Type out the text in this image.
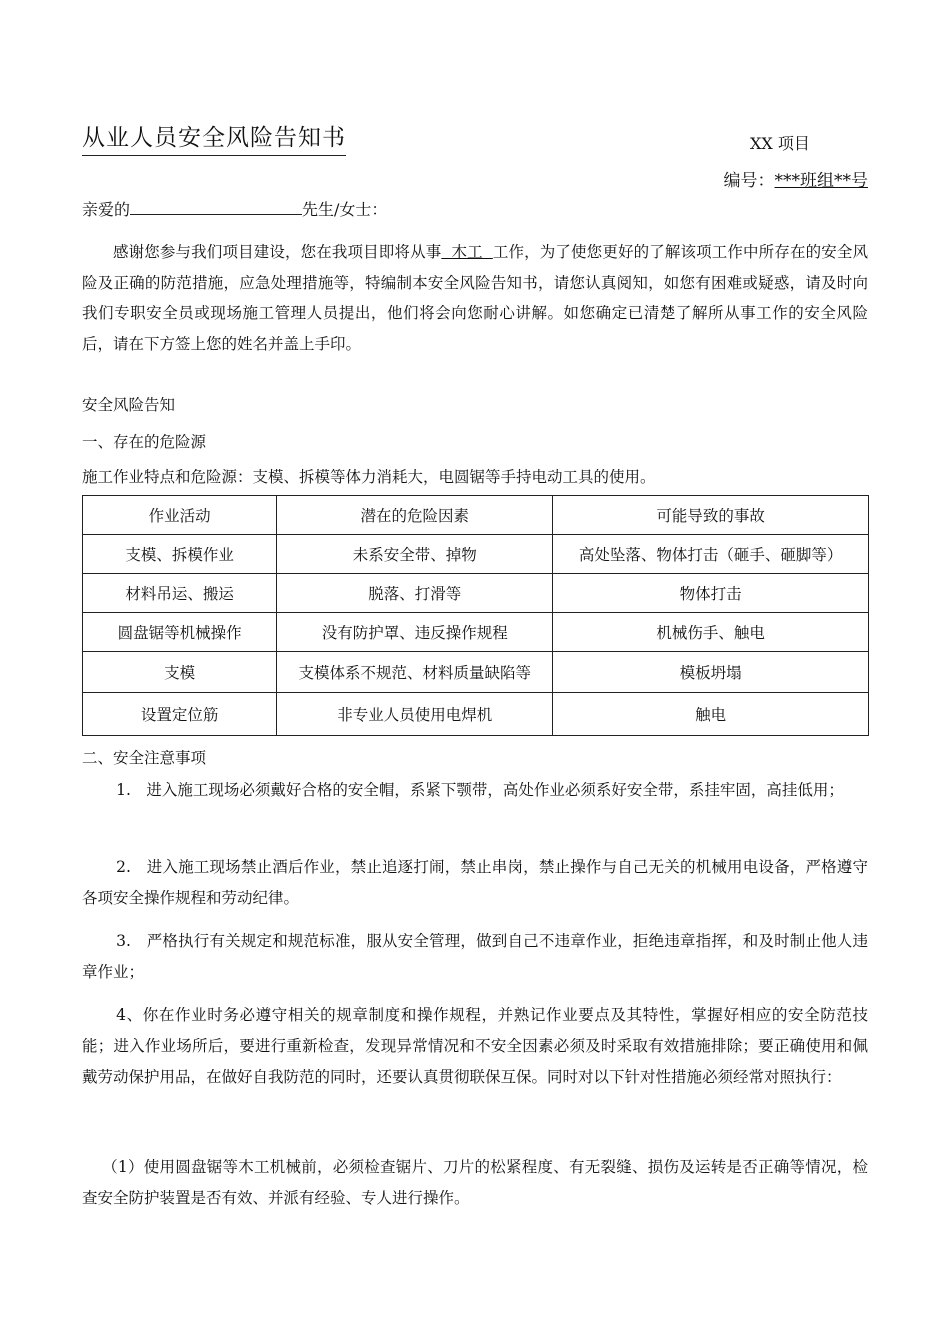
从业人员安全风险告知书	XX 项目
编号：***班组**号
亲爱的	先生/女士：
感谢您参与我们项目建设，您在我项目即将从事  木工  工作，为了使您更好的了解该项工作中所存在的安全风险及正确的防范措施，应急处理措施等，特编制本安全风险告知书，请您认真阅知，如您有困难或疑惑，请及时向我们专职安全员或现场施工管理人员提出，他们将会向您耐心讲解。如您确定已清楚了解所从事工作的安全风险后，请在下方签上您的姓名并盖上手印。
安全风险告知
一、存在的危险源
施工作业特点和危险源：支模、拆模等体力消耗大，电圆锯等手持电动工具的使用。
作业活动	潜在的危险因素	可能导致的事故
支模、拆模作业	未系安全带、掉物	高处坠落、物体打击（砸手、砸脚等）
材料吊运、搬运	脱落、打滑等	物体打击
圆盘锯等机械操作	没有防护罩、违反操作规程	机械伤手、触电
支模	支模体系不规范、材料质量缺陷等	模板坍塌
设置定位筋	非专业人员使用电焊机	触电
二、安全注意事项
1.　进入施工现场必须戴好合格的安全帽，系紧下颚带，高处作业必须系好安全带，系挂牢固，高挂低用；
2.　进入施工现场禁止酒后作业，禁止追逐打闹，禁止串岗，禁止操作与自己无关的机械用电设备，严格遵守各项安全操作规程和劳动纪律。
3.　严格执行有关规定和规范标准，服从安全管理，做到自己不违章作业，拒绝违章指挥，和及时制止他人违章作业；
4、你在作业时务必遵守相关的规章制度和操作规程，并熟记作业要点及其特性，掌握好相应的安全防范技能；进入作业场所后，要进行重新检查，发现异常情况和不安全因素必须及时采取有效措施排除；要正确使用和佩戴劳动保护用品，在做好自我防范的同时，还要认真贯彻联保互保。同时对以下针对性措施必须经常对照执行：
（1）使用圆盘锯等木工机械前，必须检查锯片、刀片的松紧程度、有无裂缝、损伤及运转是否正确等情况，检查安全防护装置是否有效、并派有经验、专人进行操作。
